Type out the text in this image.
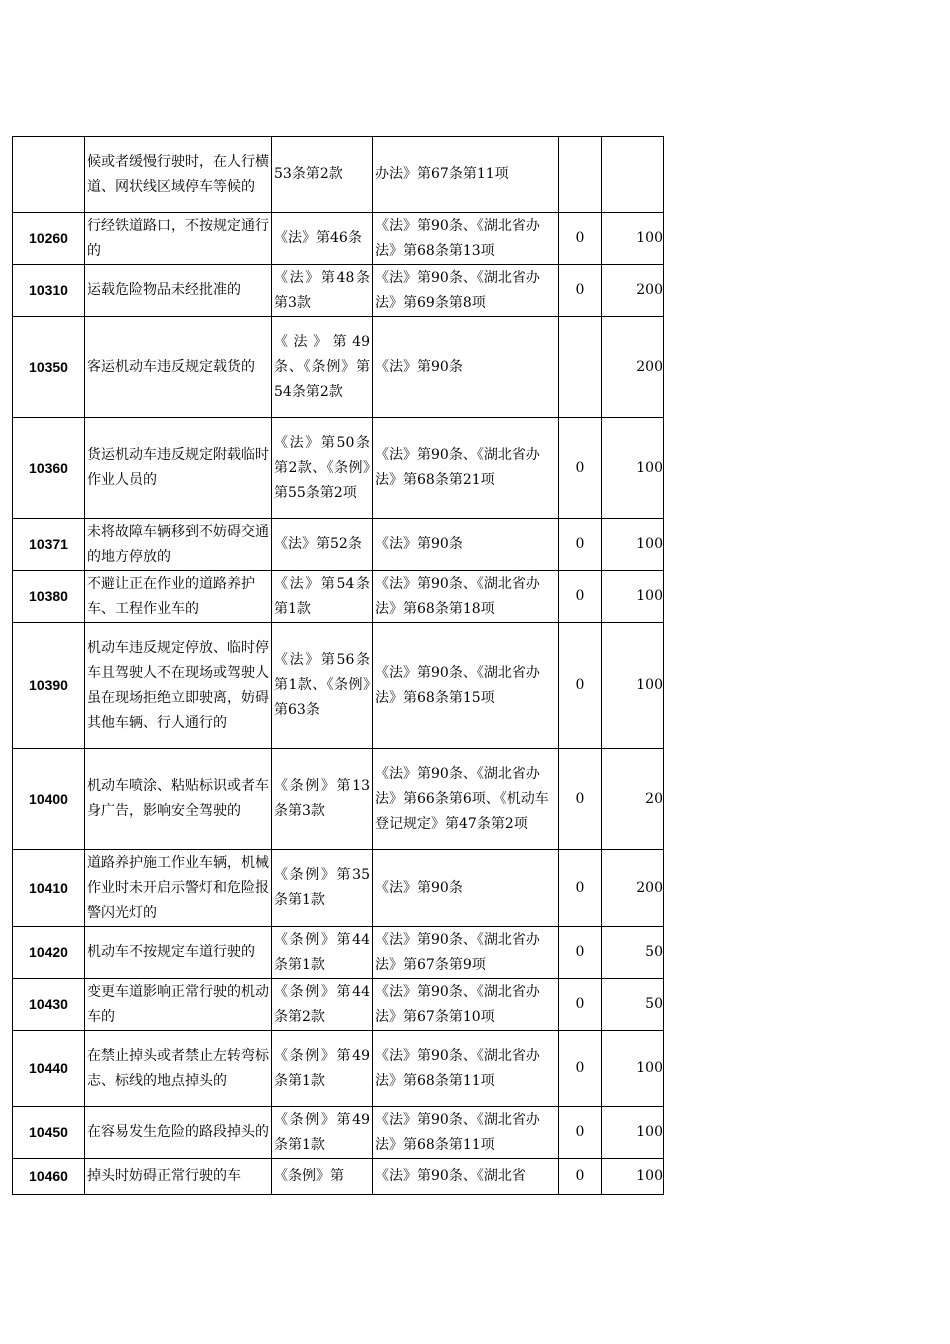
	候或者缓慢行驶时，在人行横道、网状线区域停车等候的	53条第2款	办法》第67条第11项		
10260	行经铁道路口，不按规定通行的	《法》第46条	《法》第90条、《湖北省办法》第68条第13项	0	100
10310	运载危险物品未经批准的	《法》第48条第3款	《法》第90条、《湖北省办法》第69条第8项	0	200
10350	客运机动车违反规定载货的	《法》第49条、《条例》第54条第2款	《法》第90条		200
10360	货运机动车违反规定附载临时作业人员的	《法》第50条第2款、《条例》第55条第2项	《法》第90条、《湖北省办法》第68条第21项	0	100
10371	未将故障车辆移到不妨碍交通的地方停放的	《法》第52条	《法》第90条	0	100
10380	不避让正在作业的道路养护车、工程作业车的	《法》第54条第1款	《法》第90条、《湖北省办法》第68条第18项	0	100
10390	机动车违反规定停放、临时停车且驾驶人不在现场或驾驶人虽在现场拒绝立即驶离，妨碍其他车辆、行人通行的	《法》第56条第1款、《条例》第63条	《法》第90条、《湖北省办法》第68条第15项	0	100
10400	机动车喷涂、粘贴标识或者车身广告，影响安全驾驶的	《条例》第13条第3款	《法》第90条、《湖北省办法》第66条第6项、《机动车登记规定》第47条第2项	0	20
10410	道路养护施工作业车辆，机械作业时未开启示警灯和危险报警闪光灯的	《条例》第35条第1款	《法》第90条	0	200
10420	机动车不按规定车道行驶的	《条例》第44条第1款	《法》第90条、《湖北省办法》第67条第9项	0	50
10430	变更车道影响正常行驶的机动车的	《条例》第44条第2款	《法》第90条、《湖北省办法》第67条第10项	0	50
10440	在禁止掉头或者禁止左转弯标志、标线的地点掉头的	《条例》第49条第1款	《法》第90条、《湖北省办法》第68条第11项	0	100
10450	在容易发生危险的路段掉头的	《条例》第49条第1款	《法》第90条、《湖北省办法》第68条第11项	0	100
10460	掉头时妨碍正常行驶的车	《条例》第	《法》第90条、《湖北省	0	100
